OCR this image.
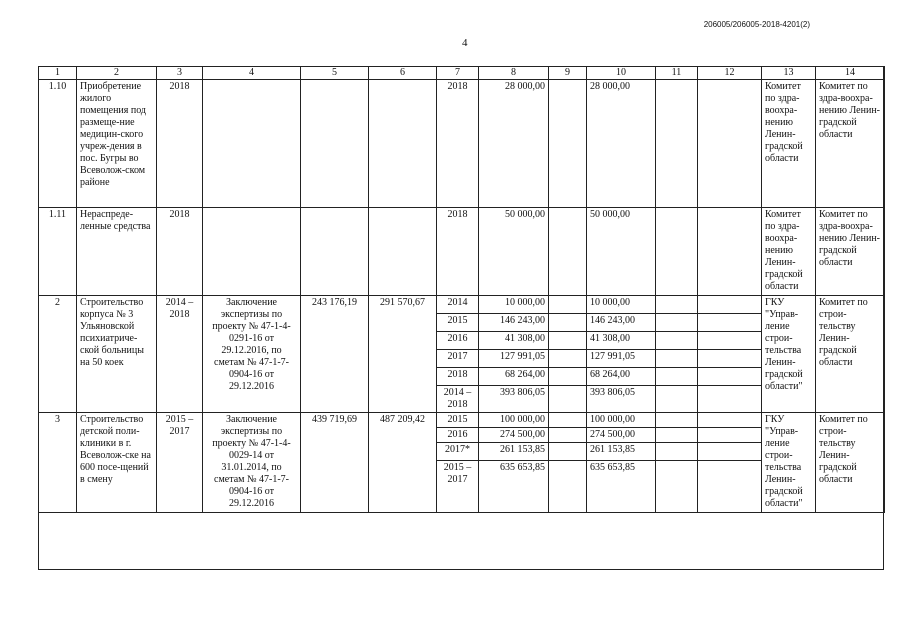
206005/206005-2018-4201(2)
4
1	2	3	4	5	6	7	8	9	10	11	12	13	14
1.10	Приобретение жилого помещения под размеще-ние медицин-ского учреж-дения в пос. Бугры во Всеволож-ском районе	2018				2018	28 000,00		28 000,00			Комитет по здра-воохра-нению Ленин-градской области	Комитет по здра-воохра-нению Ленин-градской области
1.11	Нераспреде-ленные средства	2018				2018	50 000,00		50 000,00			Комитет по здра-воохра-нению Ленин-градской области	Комитет по здра-воохра-нению Ленин-градской области
2	Строительство корпуса № 3 Ульяновской психиатриче-ской больницы на 50 коек	2014 – 2018	Заключение экспертизы по проекту № 47-1-4-0291-16 от 29.12.2016, по сметам № 47-1-7-0904-16 от 29.12.2016	243 176,19	291 570,67	2014	10 000,00		10 000,00			ГКУ "Управ-ление строи-тельства Ленин-градской области"	Комитет по строи-тельству Ленин-градской области
						2015	146 243,00		146 243,00				
						2016	41 308,00		41 308,00				
						2017	127 991,05		127 991,05				
						2018	68 264,00		68 264,00				
						2014 – 2018	393 806,05		393 806,05				
3	Строительство детской поли-клиники в г. Всеволож-ске на 600 посе-щений в смену	2015 – 2017	Заключение экспертизы по проекту № 47-1-4-0029-14 от 31.01.2014, по сметам № 47-1-7-0904-16 от 29.12.2016	439 719,69	487 209,42	2015	100 000,00		100 000,00			ГКУ "Управ-ление строи-тельства Ленин-градской области"	Комитет по строи-тельству Ленин-градской области
						2016	274 500,00		274 500,00				
						2017*	261 153,85		261 153,85				
						2015 – 2017	635 653,85		635 653,85				
